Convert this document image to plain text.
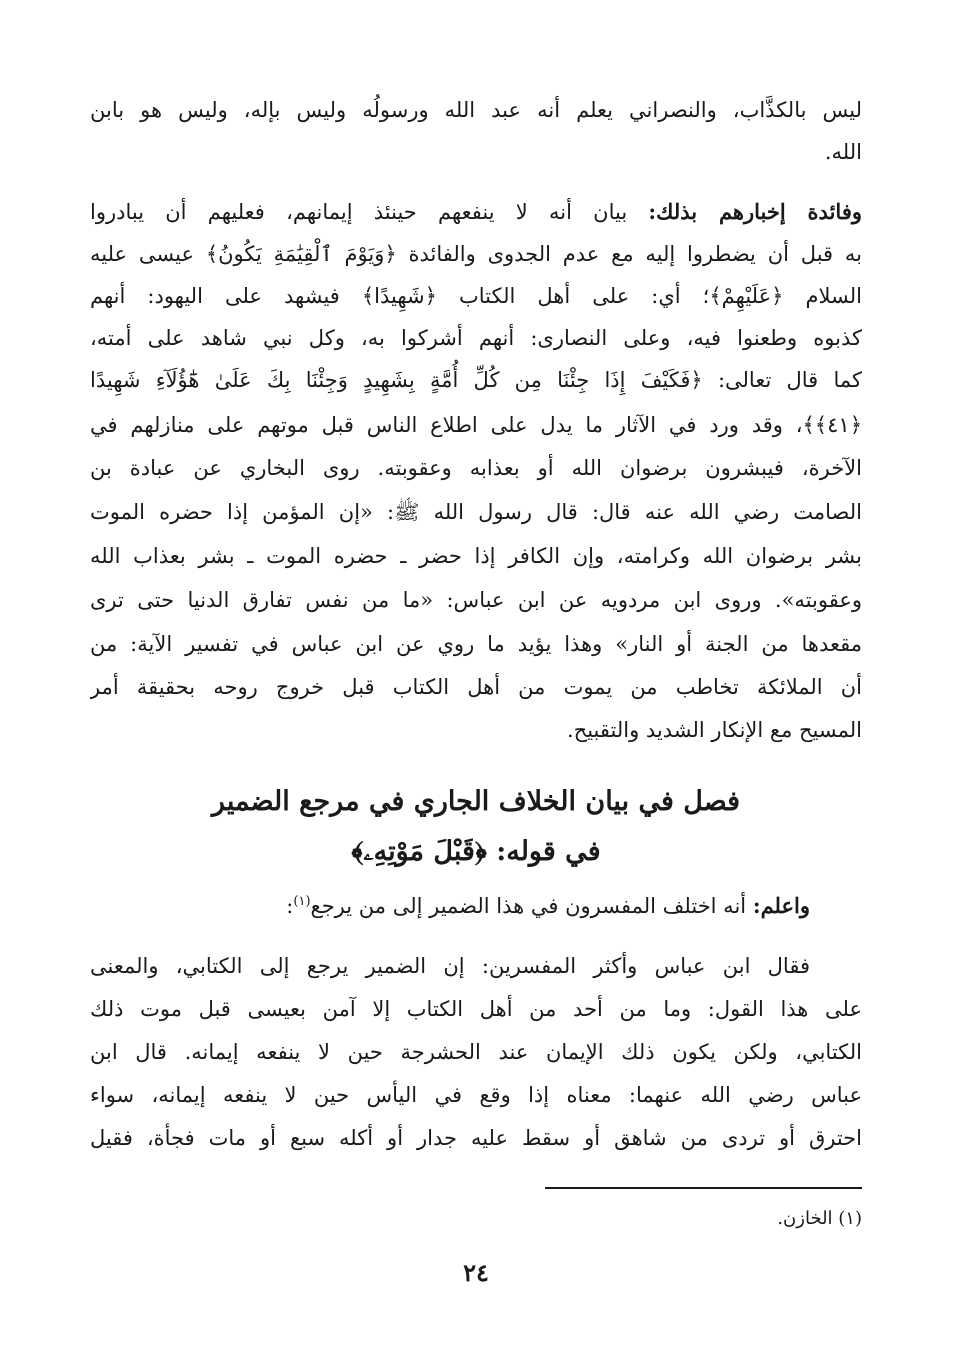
ليس بالكذَّاب، والنصراني يعلم أنه عبد الله ورسولُه وليس بإله، وليس هو بابن
الله.
وفائدة إخبارهم بذلك: بيان أنه لا ينفعهم حينئذ إيمانهم، فعليهم أن يبادروا
به قبل أن يضطروا إليه مع عدم الجدوى والفائدة ﴿وَيَوْمَ ٱلْقِيَٰمَةِ يَكُونُ﴾ عيسى عليه
السلام ﴿عَلَيْهِمْ﴾؛ أي: على أهل الكتاب ﴿شَهِيدًا﴾ فيشهد على اليهود: أنهم
كذبوه وطعنوا فيه، وعلى النصارى: أنهم أشركوا به، وكل نبي شاهد على أمته،
كما قال تعالى: ﴿فَكَيْفَ إِذَا جِئْنَا مِن كُلِّ أُمَّةٍ بِشَهِيدٍ وَجِئْنَا بِكَ عَلَىٰ هَٰٓؤُلَآءِ شَهِيدًا
﴿٤١﴾﴾، وقد ورد في الآثار ما يدل على اطلاع الناس قبل موتهم على منازلهم في
الآخرة، فيبشرون برضوان الله أو بعذابه وعقوبته. روى البخاري عن عبادة بن
الصامت رضي الله عنه قال: قال رسول الله ﷺ: «إن المؤمن إذا حضره الموت
بشر برضوان الله وكرامته، وإن الكافر إذا حضر ـ حضره الموت ـ بشر بعذاب الله
وعقوبته». وروى ابن مردويه عن ابن عباس: «ما من نفس تفارق الدنيا حتى ترى
مقعدها من الجنة أو النار» وهذا يؤيد ما روي عن ابن عباس في تفسير الآية: من
أن الملائكة تخاطب من يموت من أهل الكتاب قبل خروج روحه بحقيقة أمر
المسيح مع الإنكار الشديد والتقبيح.
فصل في بيان الخلاف الجاري في مرجع الضمير
في قوله: ﴿قَبْلَ مَوْتِهِۦ﴾
واعلم: أنه اختلف المفسرون في هذا الضمير إلى من يرجع$^{(١)}$:
فقال ابن عباس وأكثر المفسرين: إن الضمير يرجع إلى الكتابي، والمعنى
على هذا القول: وما من أحد من أهل الكتاب إلا آمن بعيسى قبل موت ذلك
الكتابي، ولكن يكون ذلك الإيمان عند الحشرجة حين لا ينفعه إيمانه. قال ابن
عباس رضي الله عنهما: معناه إذا وقع في اليأس حين لا ينفعه إيمانه، سواء
احترق أو تردى من شاهق أو سقط عليه جدار أو أكله سبع أو مات فجأة، فقيل
(١) الخازن.
٢٤
